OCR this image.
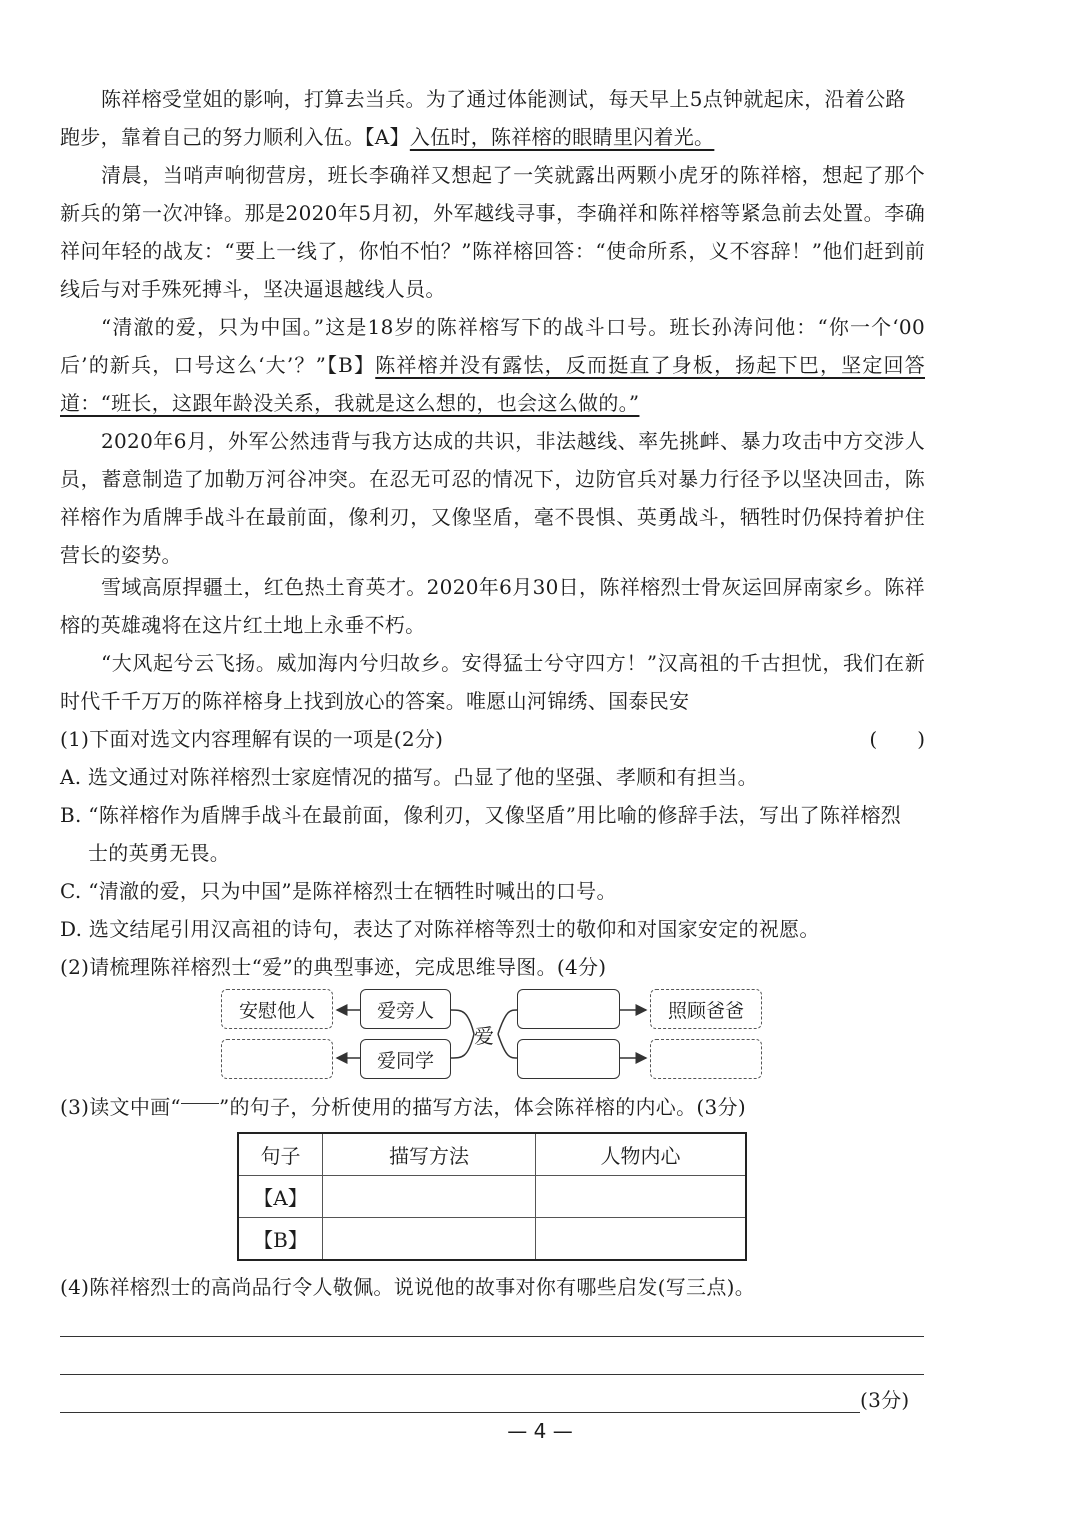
陈祥榕受堂姐的影响，打算去当兵。为了通过体能测试，每天早上5点钟就起床，沿着公路

跑步，靠着自己的努力顺利入伍。【A】入伍时，陈祥榕的眼睛里闪着光。

清晨，当哨声响彻营房，班长李确祥又想起了一笑就露出两颗小虎牙的陈祥榕，想起了那个新兵的第一次冲锋。那是2020年5月初，外军越线寻事，李确祥和陈祥榕等紧急前去处置。李确祥问年轻的战友：“要上一线了，你怕不怕？”陈祥榕回答：“使命所系，义不容辞！”他们赶到前线后与对手殊死搏斗，坚决逼退越线人员。

“清澈的爱，只为中国。”这是18岁的陈祥榕写下的战斗口号。班长孙涛问他：“你一个‘00后’的新兵，口号这么‘大’？”【B】陈祥榕并没有露怯，反而挺直了身板，扬起下巴，坚定回答道：“班长，这跟年龄没关系，我就是这么想的，也会这么做的。”

2020年6月，外军公然违背与我方达成的共识，非法越线、率先挑衅、暴力攻击中方交涉人员，蓄意制造了加勒万河谷冲突。在忍无可忍的情况下，边防官兵对暴力行径予以坚决回击，陈祥榕作为盾牌手战斗在最前面，像利刃，又像坚盾，毫不畏惧、英勇战斗，牺牲时仍保持着护住营长的姿势。

雪域高原捍疆土，红色热土育英才。2020年6月30日，陈祥榕烈士骨灰运回屏南家乡。陈祥榕的英雄魂将在这片红土地上永垂不朽。

“大风起兮云飞扬。威加海内兮归故乡。安得猛士兮守四方！”汉高祖的千古担忧，我们在新时代千千万万的陈祥榕身上找到放心的答案。唯愿山河锦绣、国泰民安

(1)下面对选文内容理解有误的一项是(2分)	(　　)

A. 选文通过对陈祥榕烈士家庭情况的描写。凸显了他的坚强、孝顺和有担当。

B. “陈祥榕作为盾牌手战斗在最前面，像利刃，又像坚盾”用比喻的修辞手法，写出了陈祥榕烈
士的英勇无畏。

C. “清澈的爱，只为中国”是陈祥榕烈士在牺牲时喊出的口号。

D. 选文结尾引用汉高祖的诗句，表达了对陈祥榕等烈士的敬仰和对国家安定的祝愿。

(2)请梳理陈祥榕烈士“爱”的典型事迹，完成思维导图。(4分)

安慰他人	爱旁人
爱同学
爱
照顾爸爸

(3)读文中画“ ”的句子，分析使用的描写方法，体会陈祥榕的内心。(3分)

句子	描写方法	人物内心
【A】		
【B】		

(4)陈祥榕烈士的高尚品行令人敬佩。说说他的故事对你有哪些启发(写三点)。

(3分)
— 4 —
